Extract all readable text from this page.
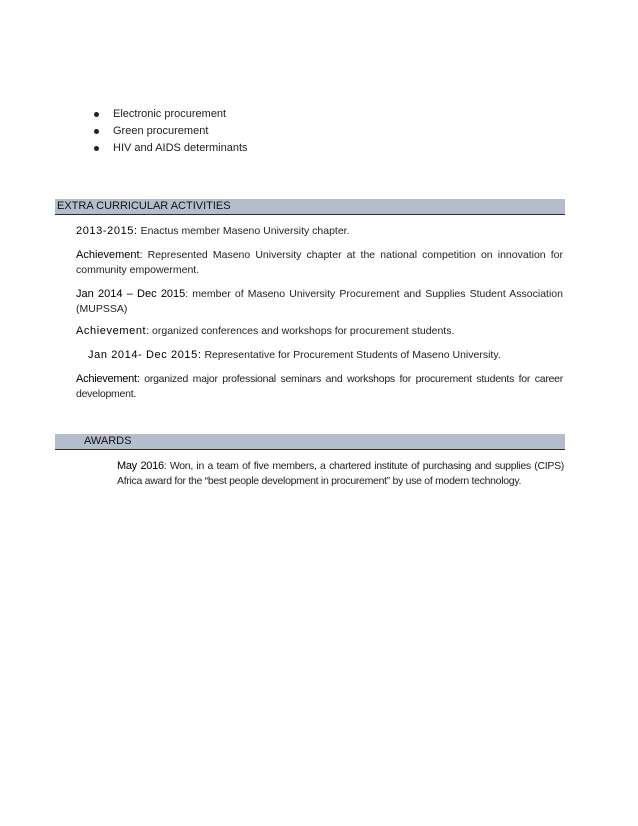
Electronic procurement
Green procurement
HIV and AIDS determinants
EXTRA CURRICULAR ACTIVITIES
2013-2015: Enactus member Maseno University chapter.
Achievement: Represented Maseno University chapter at the national competition on innovation for community empowerment.
Jan 2014 – Dec 2015: member of Maseno University Procurement and Supplies Student Association (MUPSSA)
Achievement: organized conferences and workshops for procurement students.
Jan 2014- Dec 2015: Representative for Procurement Students of Maseno University.
Achievement: organized major professional seminars and workshops for procurement students for career development.
AWARDS
May 2016: Won, in a team of five members, a chartered institute of purchasing and supplies (CIPS) Africa award for the “best people development in procurement” by use of modern technology.
